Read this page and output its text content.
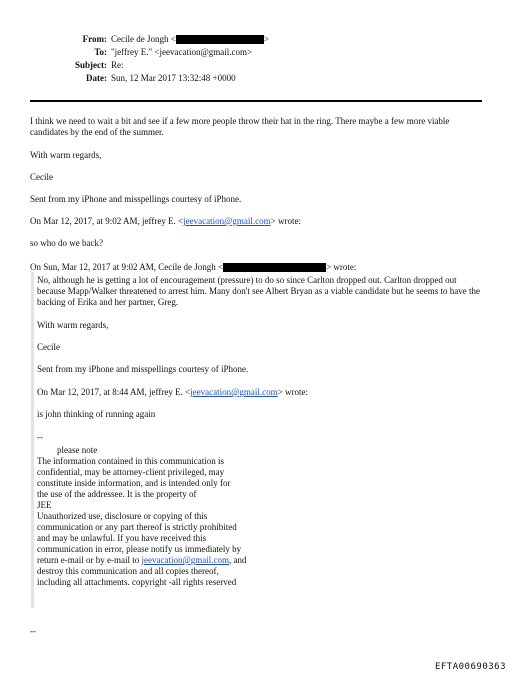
From: Cecile de Jongh <	>
To: "jeffrey E." <jeevacation@gmail.com>
Subject: Re:
Date: Sun, 12 Mar 2017 13:32:48 +0000
I think we need to wait a bit and see if a few more people throw their hat in the ring. There maybe a few more viable candidates by the end of the summer.
With warm regards,
Cecile
Sent from my iPhone and misspellings courtesy of iPhone.
On Mar 12, 2017, at 9:02 AM, jeffrey E. <jeevacation@gmail.com> wrote:
so who do we back?
On Sun, Mar 12, 2017 at 9:02 AM, Cecile de Jongh <	> wrote:
No, although he is getting a lot of encouragement (pressure) to do so since Carlton dropped out. Carlton dropped out because Mapp/Walker threatened to arrest him. Many don't see Albert Bryan as a viable candidate but he seems to have the backing of Erika and her partner, Greg.
With warm regards,
Cecile
Sent from my iPhone and misspellings courtesy of iPhone.
On Mar 12, 2017, at 8:44 AM, jeffrey E. <jeevacation@gmail.com> wrote:
is john thinking of running again
--
please note
The information contained in this communication is
confidential, may be attorney-client privileged, may
constitute inside information, and is intended only for
the use of the addressee. It is the property of
JEE
Unauthorized use, disclosure or copying of this
communication or any part thereof is strictly prohibited
and may be unlawful. If you have received this
communication in error, please notify us immediately by
return e-mail or by e-mail to jeevacation@gmail.com, and
destroy this communication and all copies thereof,
including all attachments. copyright -all rights reserved
--
EFTA00690363
